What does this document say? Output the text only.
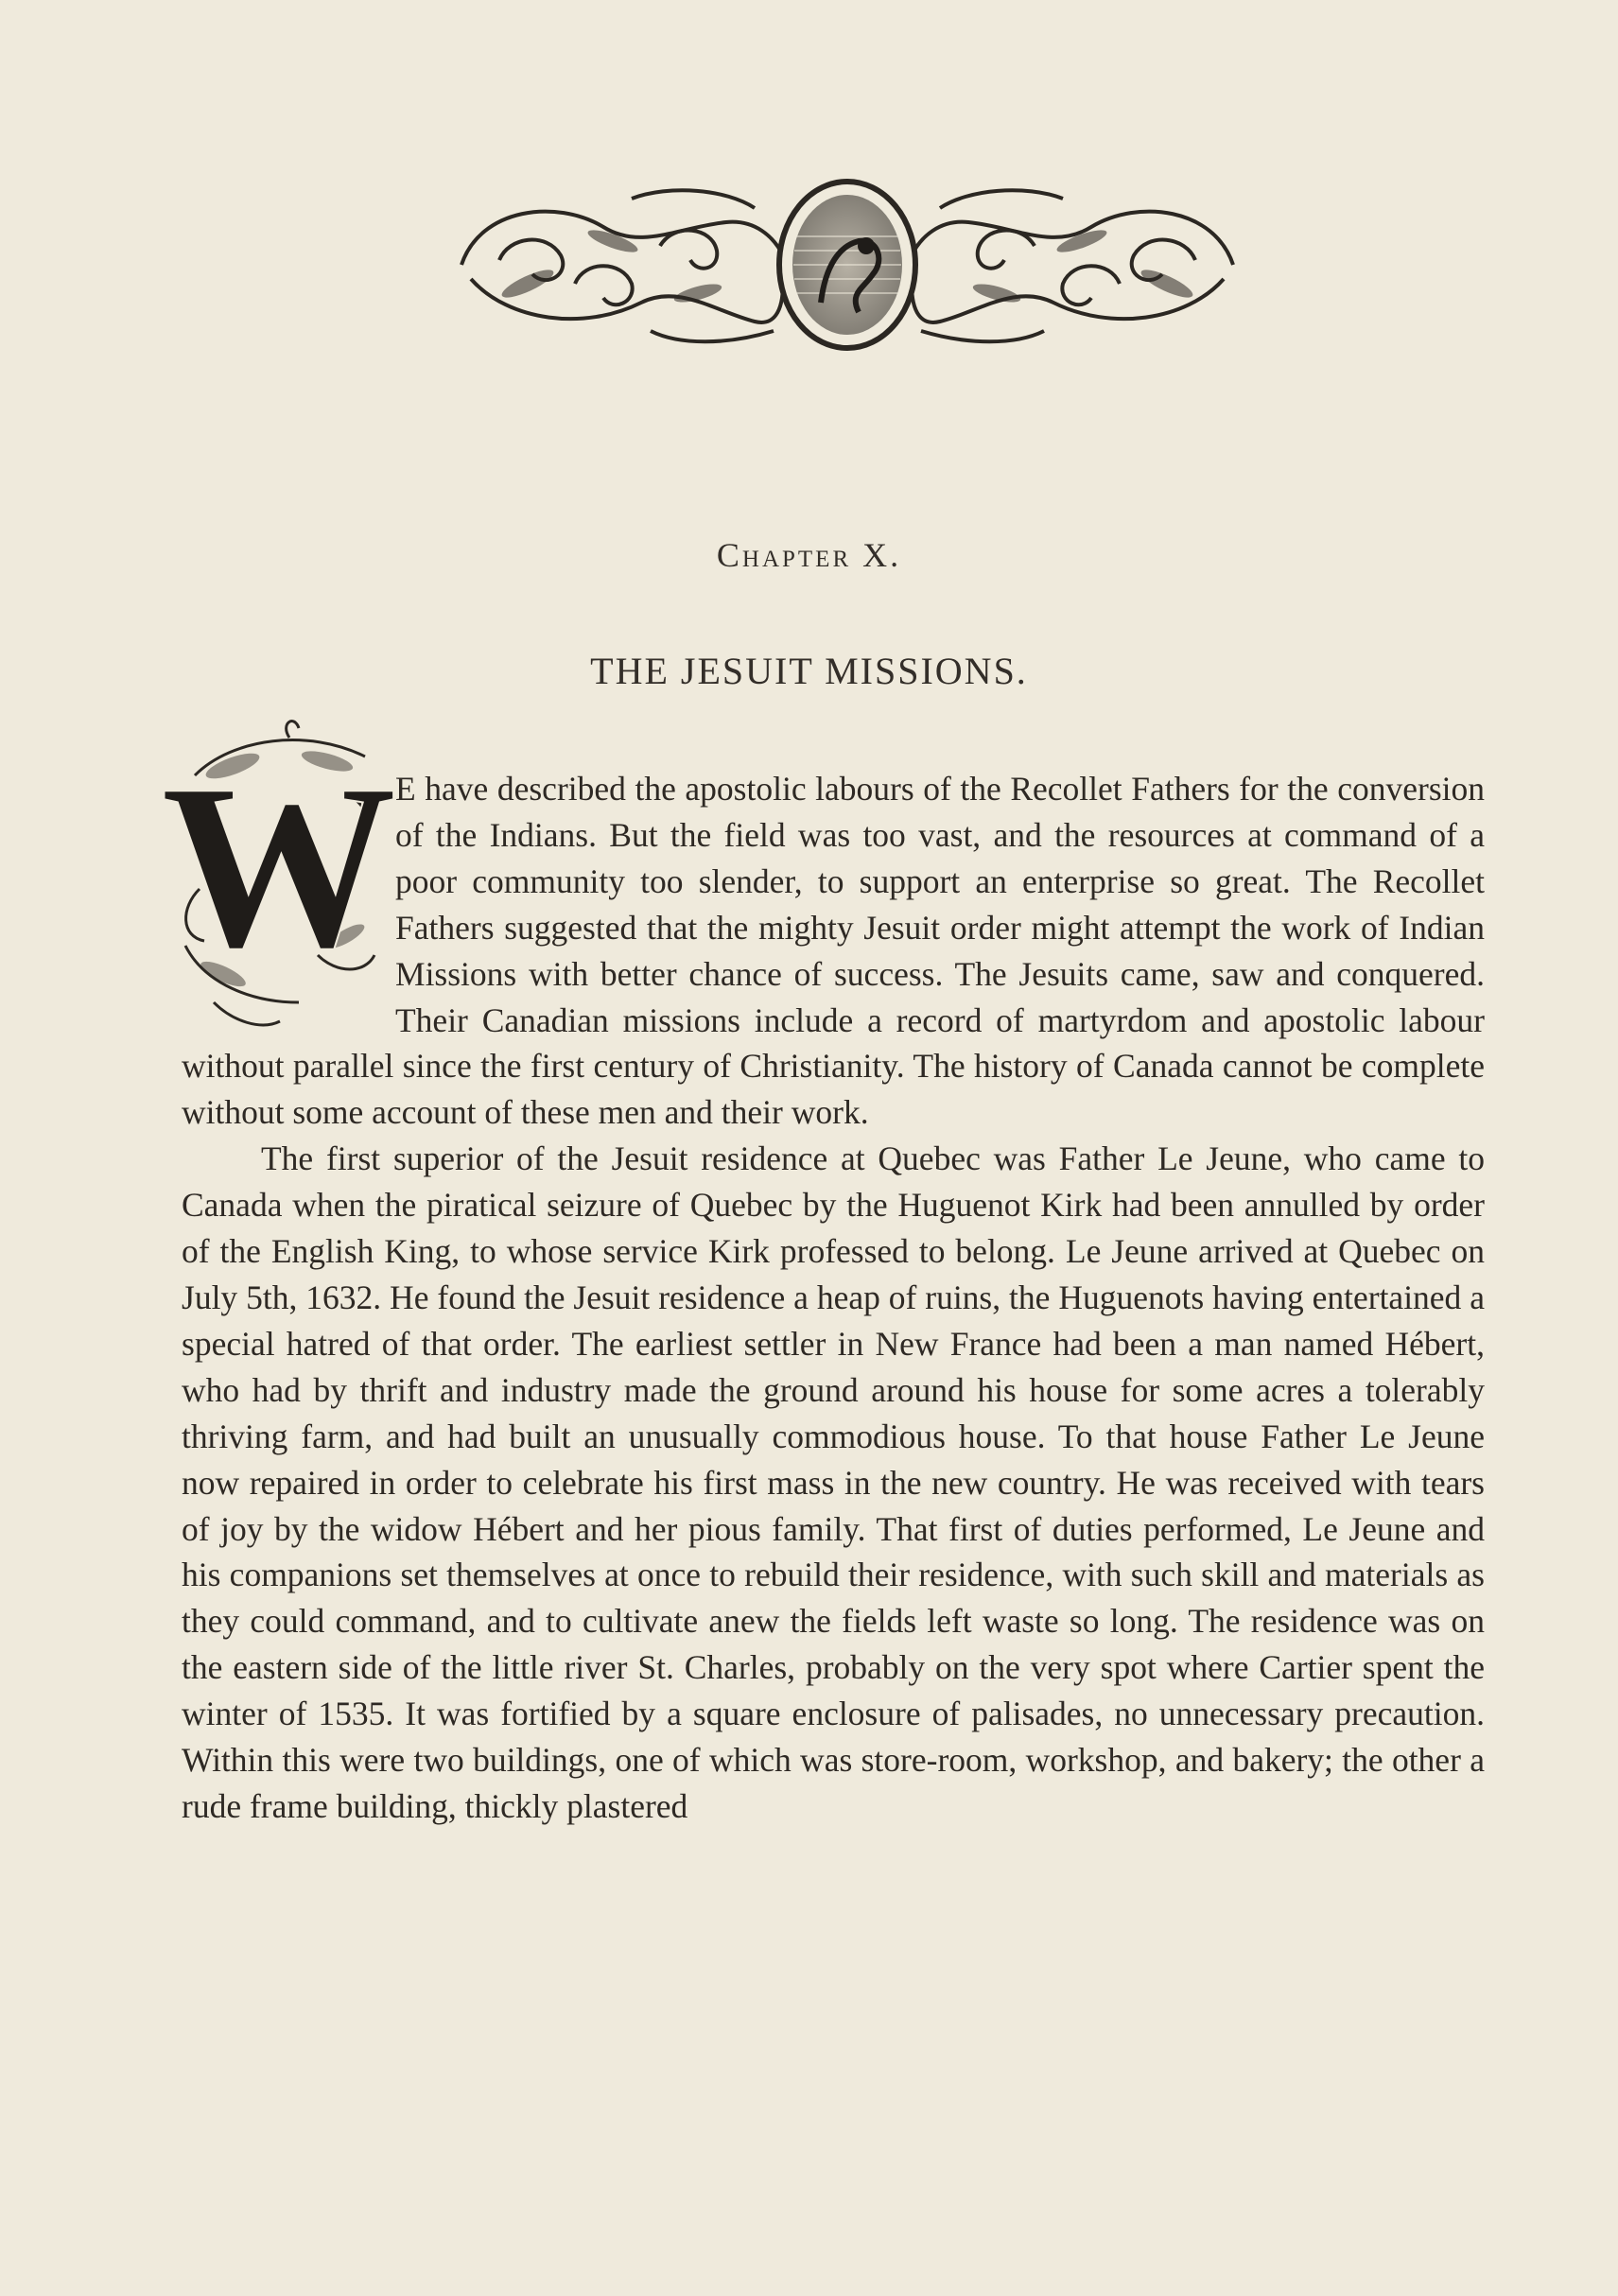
Chapter X.
THE JESUIT MISSIONS.
W

E have described the apostolic labours of the Recollet Fathers for the conversion of the Indians. But the field was too vast, and the resources at command of a poor community too slender, to support an enterprise so great. The Recollet Fathers suggested that the mighty Jesuit order might attempt the work of Indian Missions with better chance of success. The Jesuits came, saw and conquered. Their Canadian missions include a record of martyrdom and apostolic labour without parallel since the first century of Christianity. The history of Canada cannot be complete without some account of these men and their work.

The first superior of the Jesuit residence at Quebec was Father Le Jeune, who came to Canada when the piratical seizure of Quebec by the Huguenot Kirk had been annulled by order of the English King, to whose service Kirk professed to belong. Le Jeune arrived at Quebec on July 5th, 1632. He found the Jesuit residence a heap of ruins, the Huguenots having entertained a special hatred of that order. The earliest settler in New France had been a man named Hébert, who had by thrift and industry made the ground around his house for some acres a tolerably thriving farm, and had built an unusually commodious house. To that house Father Le Jeune now repaired in order to celebrate his first mass in the new country. He was received with tears of joy by the widow Hébert and her pious family. That first of duties performed, Le Jeune and his companions set themselves at once to rebuild their residence, with such skill and materials as they could command, and to cultivate anew the fields left waste so long. The residence was on the eastern side of the little river St. Charles, probably on the very spot where Cartier spent the winter of 1535. It was fortified by a square enclosure of palisades, no unnecessary precaution. Within this were two buildings, one of which was store-room, workshop, and bakery; the other a rude frame building, thickly plastered
